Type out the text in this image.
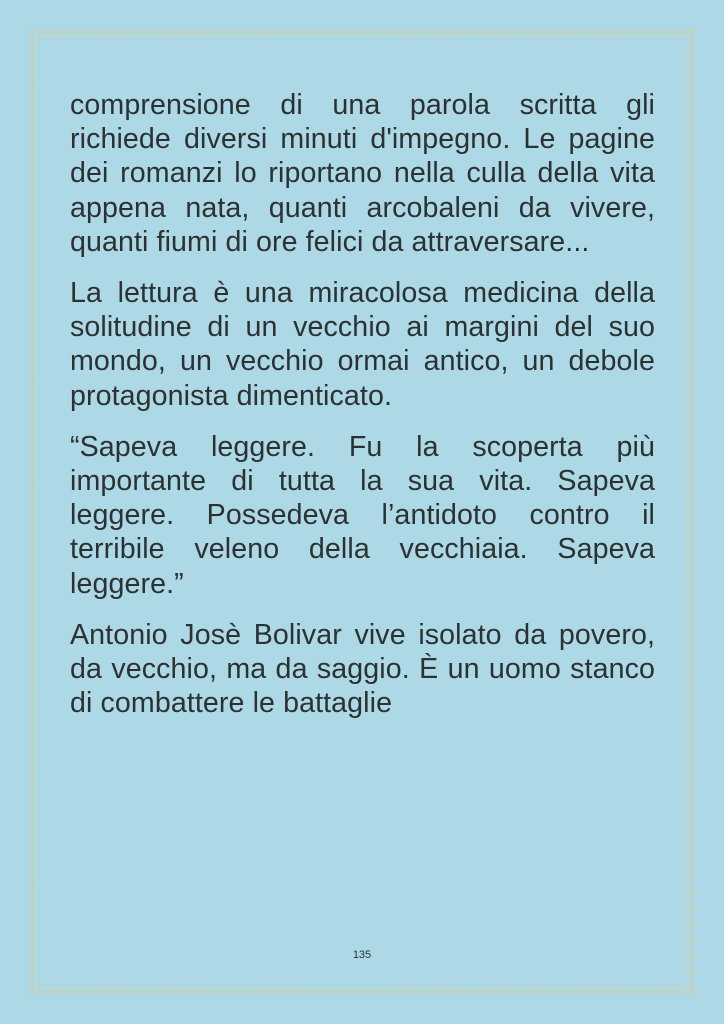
comprensione di una parola scritta gli richiede diversi minuti d'impegno. Le pagine dei romanzi lo riportano nella culla della vita appena nata, quanti arcobaleni da vivere, quanti fiumi di ore felici da attraversare...

La lettura è una miracolosa medicina della solitudine di un vecchio ai margini del suo mondo, un vecchio ormai antico, un debole protagonista dimenticato.

“Sapeva leggere. Fu la scoperta più importante di tutta la sua vita. Sapeva leggere. Possedeva l’antidoto contro il terribile veleno della vecchiaia. Sapeva leggere.”

Antonio Josè Bolivar vive isolato da povero, da vecchio, ma da saggio. È un uomo stanco di combattere le battaglie

135
